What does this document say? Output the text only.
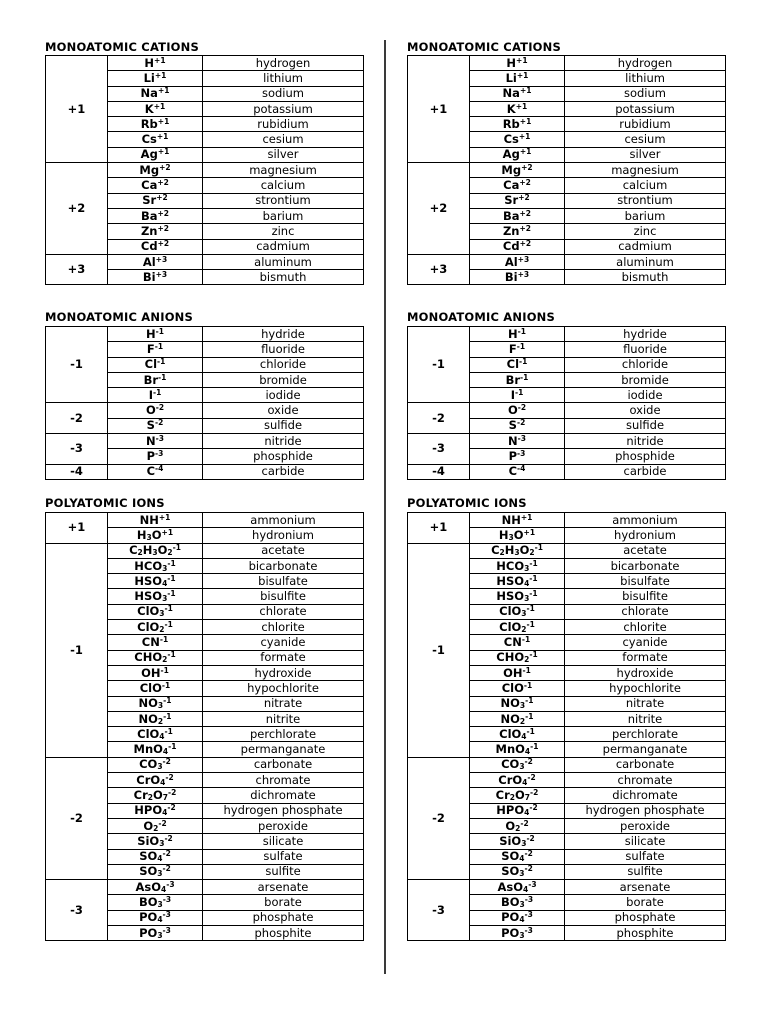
MONOATOMIC CATIONS
+1	$H^{+1}$	hydrogen
	$Li^{+1}$	lithium
	$Na^{+1}$	sodium
	$K^{+1}$	potassium
	$Rb^{+1}$	rubidium
	$Cs^{+1}$	cesium
	$Ag^{+1}$	silver
+2	$Mg^{+2}$	magnesium
	$Ca^{+2}$	calcium
	$Sr^{+2}$	strontium
	$Ba^{+2}$	barium
	$Zn^{+2}$	zinc
	$Cd^{+2}$	cadmium
+3	$Al^{+3}$	aluminum
	$Bi^{+3}$	bismuth
MONOATOMIC ANIONS
-1	$H^{-1}$	hydride
	$F^{-1}$	fluoride
	$Cl^{-1}$	chloride
	$Br^{-1}$	bromide
	$I^{-1}$	iodide
-2	$O^{-2}$	oxide
	$S^{-2}$	sulfide
-3	$N^{-3}$	nitride
	$P^{-3}$	phosphide
-4	$C^{-4}$	carbide
POLYATOMIC IONS
+1	$NH^{+1}$	ammonium
	$H_3O^{+1}$	hydronium
-1	$C_2H_3O_2^{-1}$	acetate
	$HCO_3^{-1}$	bicarbonate
	$HSO_4^{-1}$	bisulfate
	$HSO_3^{-1}$	bisulfite
	ClO$_3^{-1}$	chlorate
	ClO$_2^{-1}$	chlorite
	$CN^{-1}$	cyanide
	$CHO_2^{-1}$	formate
	$OH^{-1}$	hydroxide
	ClO$^{-1}$	hypochlorite
	$NO_3^{-1}$	nitrate
	$NO_2^{-1}$	nitrite
	ClO$_4^{-1}$	perchlorate
	MnO$_4^{-1}$	permanganate
-2	$CO_3^{-2}$	carbonate
	CrO$_4^{-2}$	chromate
	$Cr_2O_7^{-2}$	dichromate
	$HPO_4^{-2}$	hydrogen phosphate
	$O_2^{-2}$	peroxide
	SiO$_3^{-2}$	silicate
	$SO_4^{-2}$	sulfate
	$SO_3^{-2}$	sulfite
-3	AsO$_4^{-3}$	arsenate
	$BO_3^{-3}$	borate
	$PO_4^{-3}$	phosphate
	$PO_3^{-3}$	phosphite
MONOATOMIC CATIONS
+1	$H^{+1}$	hydrogen
	$Li^{+1}$	lithium
	$Na^{+1}$	sodium
	$K^{+1}$	potassium
	$Rb^{+1}$	rubidium
	$Cs^{+1}$	cesium
	$Ag^{+1}$	silver
+2	$Mg^{+2}$	magnesium
	$Ca^{+2}$	calcium
	$Sr^{+2}$	strontium
	$Ba^{+2}$	barium
	$Zn^{+2}$	zinc
	$Cd^{+2}$	cadmium
+3	$Al^{+3}$	aluminum
	$Bi^{+3}$	bismuth
MONOATOMIC ANIONS
-1	$H^{-1}$	hydride
	$F^{-1}$	fluoride
	$Cl^{-1}$	chloride
	$Br^{-1}$	bromide
	$I^{-1}$	iodide
-2	$O^{-2}$	oxide
	$S^{-2}$	sulfide
-3	$N^{-3}$	nitride
	$P^{-3}$	phosphide
-4	$C^{-4}$	carbide
POLYATOMIC IONS
+1	$NH^{+1}$	ammonium
	$H_3O^{+1}$	hydronium
-1	$C_2H_3O_2^{-1}$	acetate
	$HCO_3^{-1}$	bicarbonate
	$HSO_4^{-1}$	bisulfate
	$HSO_3^{-1}$	bisulfite
	ClO$_3^{-1}$	chlorate
	ClO$_2^{-1}$	chlorite
	$CN^{-1}$	cyanide
	$CHO_2^{-1}$	formate
	$OH^{-1}$	hydroxide
	ClO$^{-1}$	hypochlorite
	$NO_3^{-1}$	nitrate
	$NO_2^{-1}$	nitrite
	ClO$_4^{-1}$	perchlorate
	MnO$_4^{-1}$	permanganate
-2	$CO_3^{-2}$	carbonate
	CrO$_4^{-2}$	chromate
	$Cr_2O_7^{-2}$	dichromate
	$HPO_4^{-2}$	hydrogen phosphate
	$O_2^{-2}$	peroxide
	SiO$_3^{-2}$	silicate
	$SO_4^{-2}$	sulfate
	$SO_3^{-2}$	sulfite
-3	AsO$_4^{-3}$	arsenate
	$BO_3^{-3}$	borate
	$PO_4^{-3}$	phosphate
	$PO_3^{-3}$	phosphite
